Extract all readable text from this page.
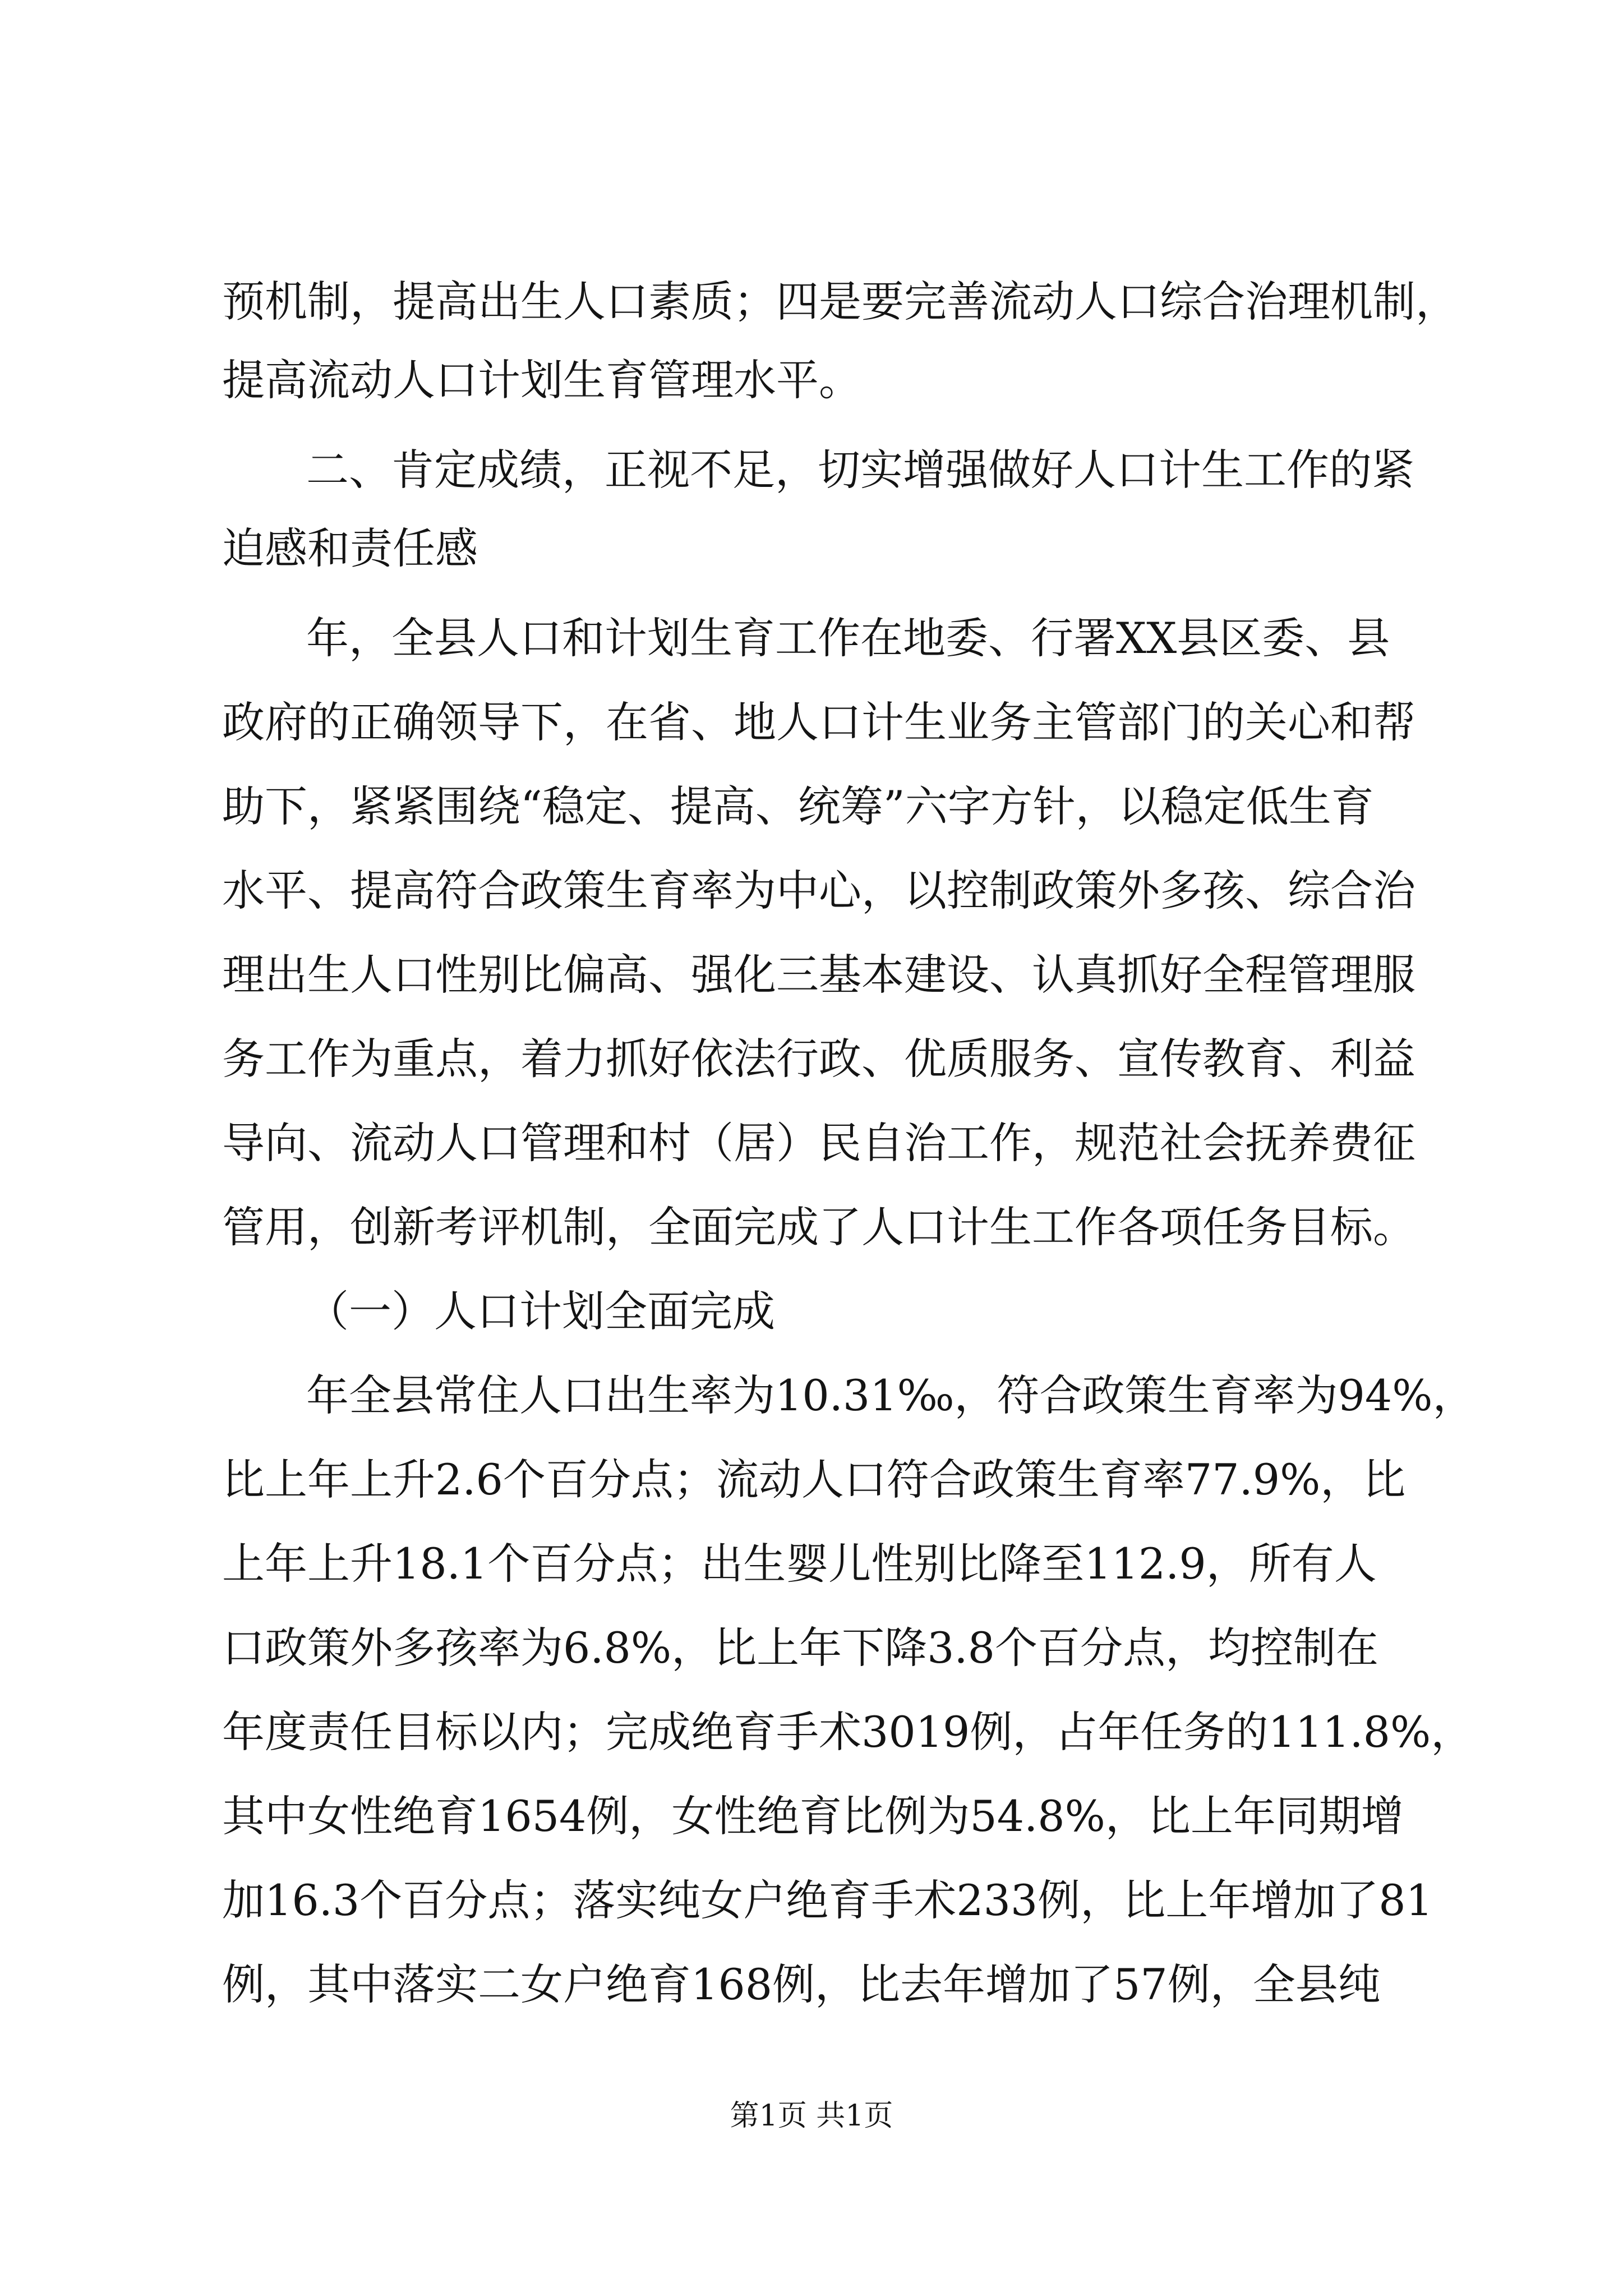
预机制，提高出生人口素质；四是要完善流动人口综合治理机制，
提高流动人口计划生育管理水平。
二、肯定成绩，正视不足，切实增强做好人口计生工作的紧
迫感和责任感
年，全县人口和计划生育工作在地委、行署XX县区委、县
政府的正确领导下，在省、地人口计生业务主管部门的关心和帮
助下，紧紧围绕“稳定、提高、统筹”六字方针，以稳定低生育
水平、提高符合政策生育率为中心，以控制政策外多孩、综合治
理出生人口性别比偏高、强化三基本建设、认真抓好全程管理服
务工作为重点，着力抓好依法行政、优质服务、宣传教育、利益
导向、流动人口管理和村（居）民自治工作，规范社会抚养费征
管用，创新考评机制，全面完成了人口计生工作各项任务目标。
（一）人口计划全面完成
年全县常住人口出生率为10.31‰，符合政策生育率为94%，
比上年上升2.6个百分点；流动人口符合政策生育率77.9%，比
上年上升18.1个百分点；出生婴儿性别比降至112.9，所有人
口政策外多孩率为6.8%，比上年下降3.8个百分点，均控制在
年度责任目标以内；完成绝育手术3019例，占年任务的111.8%，
其中女性绝育1654例，女性绝育比例为54.8%，比上年同期增
加16.3个百分点；落实纯女户绝育手术233例，比上年增加了81
例，其中落实二女户绝育168例，比去年增加了57例，全县纯
第1页 共1页
